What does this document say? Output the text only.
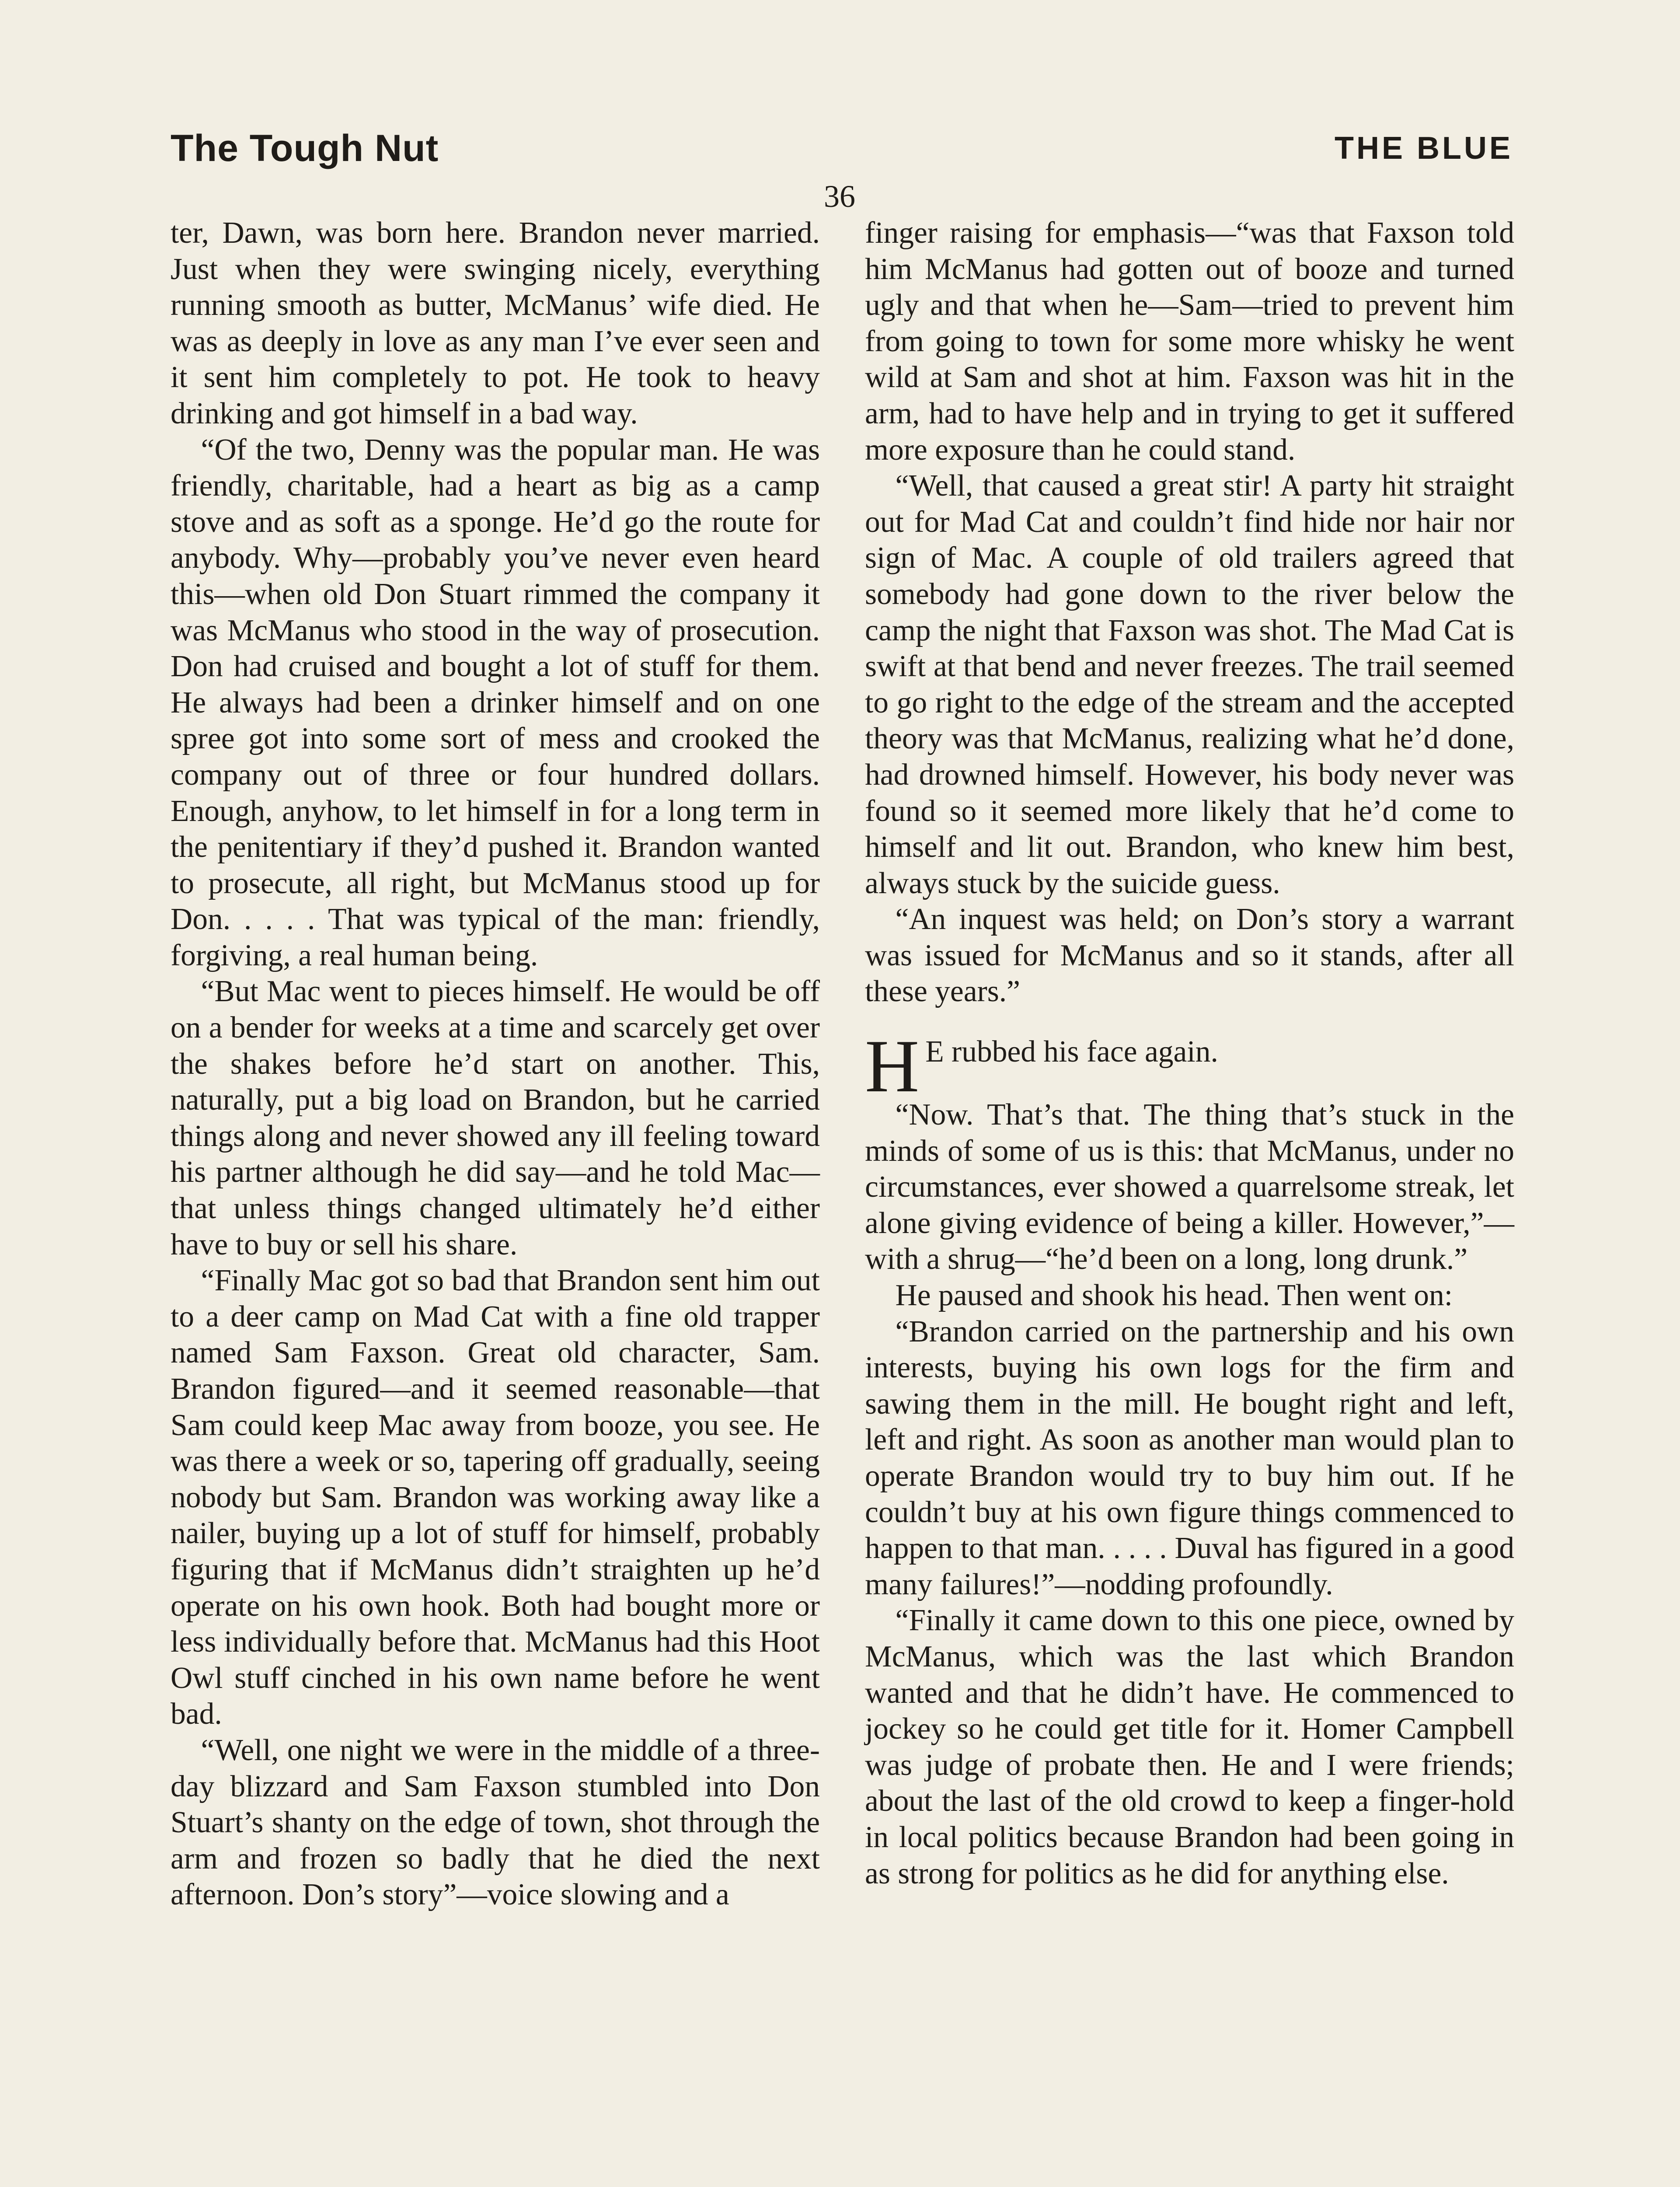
The Tough Nut	THE BLUE
36

ter, Dawn, was born here. Brandon never married. Just when they were swinging nicely, everything running smooth as butter, McManus’ wife died. He was as deeply in love as any man I’ve ever seen and it sent him completely to pot. He took to heavy drinking and got himself in a bad way.

“Of the two, Denny was the popular man. He was friendly, charitable, had a heart as big as a camp stove and as soft as a sponge. He’d go the route for anybody. Why—probably you’ve never even heard this—when old Don Stuart rimmed the company it was McManus who stood in the way of prosecution. Don had cruised and bought a lot of stuff for them. He always had been a drinker himself and on one spree got into some sort of mess and crooked the company out of three or four hundred dollars. Enough, anyhow, to let himself in for a long term in the penitentiary if they’d pushed it. Brandon wanted to prosecute, all right, but McManus stood up for Don. . . . . That was typical of the man: friendly, forgiving, a real human being.

“But Mac went to pieces himself. He would be off on a bender for weeks at a time and scarcely get over the shakes before he’d start on another. This, naturally, put a big load on Brandon, but he carried things along and never showed any ill feeling toward his partner although he did say—and he told Mac—that unless things changed ultimately he’d either have to buy or sell his share.

“Finally Mac got so bad that Brandon sent him out to a deer camp on Mad Cat with a fine old trapper named Sam Faxson. Great old character, Sam. Brandon figured—and it seemed reasonable—that Sam could keep Mac away from booze, you see. He was there a week or so, tapering off gradually, seeing nobody but Sam. Brandon was working away like a nailer, buying up a lot of stuff for himself, probably figuring that if McManus didn’t straighten up he’d operate on his own hook. Both had bought more or less individually before that. McManus had this Hoot Owl stuff cinched in his own name before he went bad.

“Well, one night we were in the middle of a three-day blizzard and Sam Faxson stumbled into Don Stuart’s shanty on the edge of town, shot through the arm and frozen so badly that he died the next afternoon. Don’s story”—voice slowing and a

finger raising for emphasis—“was that Faxson told him McManus had gotten out of booze and turned ugly and that when he—Sam—tried to prevent him from going to town for some more whisky he went wild at Sam and shot at him. Faxson was hit in the arm, had to have help and in trying to get it suffered more exposure than he could stand.

“Well, that caused a great stir! A party hit straight out for Mad Cat and couldn’t find hide nor hair nor sign of Mac. A couple of old trailers agreed that somebody had gone down to the river below the camp the night that Faxson was shot. The Mad Cat is swift at that bend and never freezes. The trail seemed to go right to the edge of the stream and the accepted theory was that McManus, realizing what he’d done, had drowned himself. However, his body never was found so it seemed more likely that he’d come to himself and lit out. Brandon, who knew him best, always stuck by the suicide guess.

“An inquest was held; on Don’s story a warrant was issued for McManus and so it stands, after all these years.”

H E rubbed his face again.
“Now. That’s that. The thing that’s stuck in the minds of some of us is this: that McManus, under no circumstances, ever showed a quarrelsome streak, let alone giving evidence of being a killer. However,”—with a shrug—“he’d been on a long, long drunk.”

He paused and shook his head. Then went on:

“Brandon carried on the partnership and his own interests, buying his own logs for the firm and sawing them in the mill. He bought right and left, left and right. As soon as another man would plan to operate Brandon would try to buy him out. If he couldn’t buy at his own figure things commenced to happen to that man. . . . . Duval has figured in a good many failures!”—nodding profoundly.

“Finally it came down to this one piece, owned by McManus, which was the last which Brandon wanted and that he didn’t have. He commenced to jockey so he could get title for it. Homer Campbell was judge of probate then. He and I were friends; about the last of the old crowd to keep a finger-hold in local politics because Brandon had been going in as strong for politics as he did for anything else.
